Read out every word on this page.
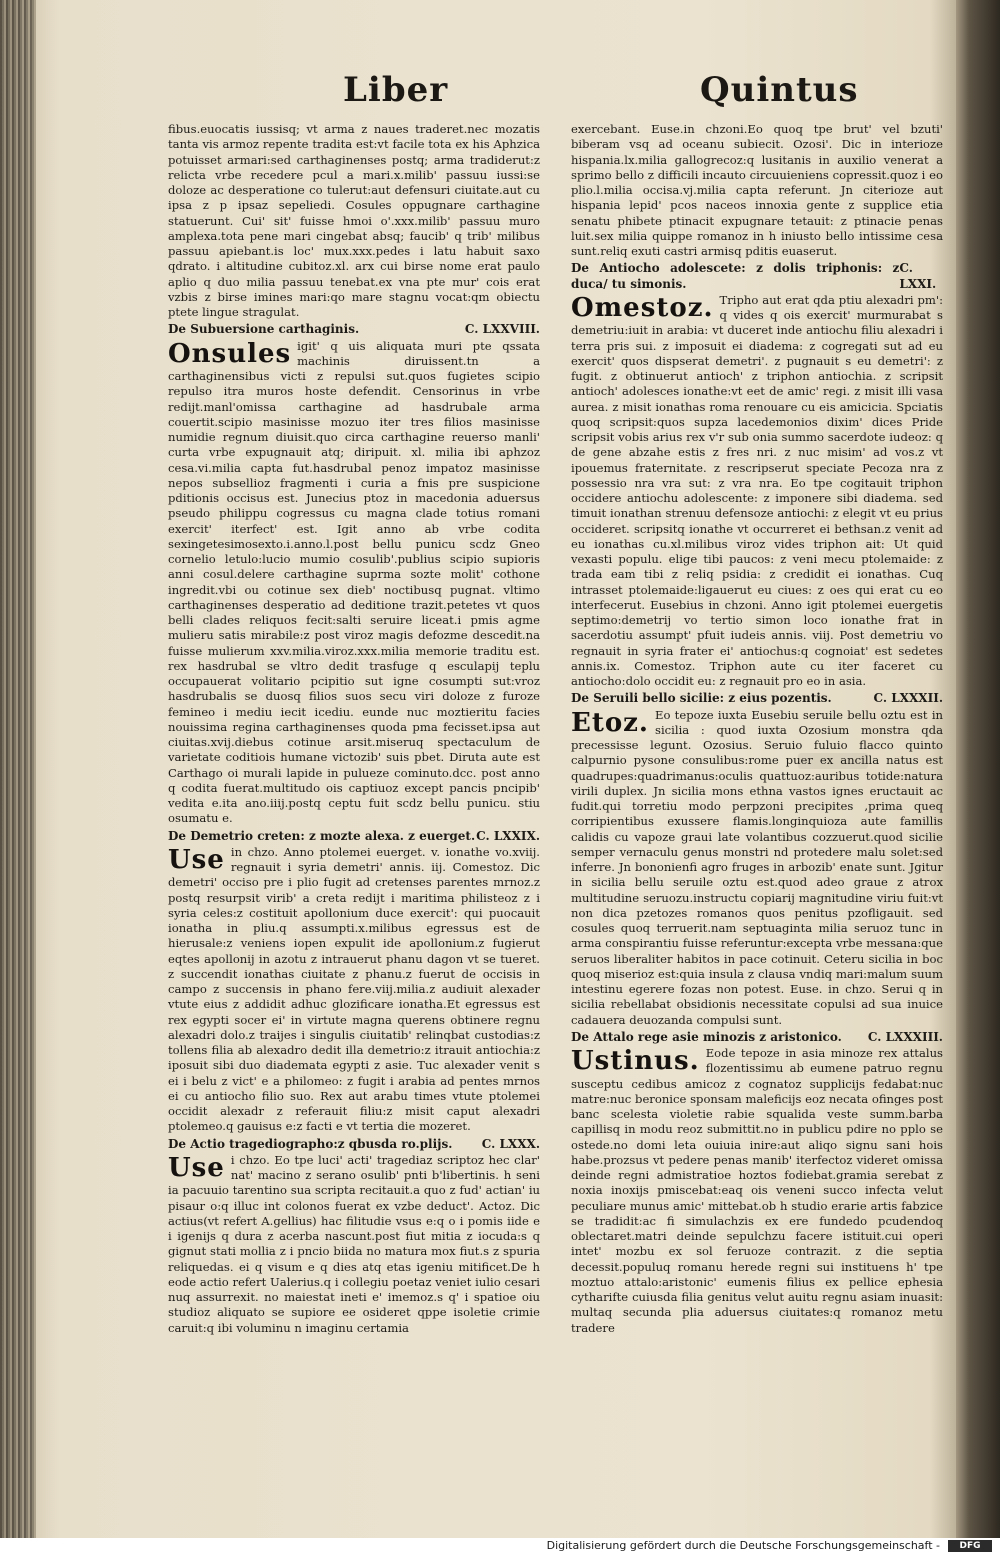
Liber	Quintus

fibus.euocatis iussisq; vt arma z naues traderet.nec mozatis tanta vis armoz repente tradita est:vt facile tota ex his Aphzica potuisset armari:sed carthaginenses postq; arma tradiderut:z relicta vrbe recedere pcul a mari.x.milib' passuu iussi:se doloze ac desperatione co tulerut:aut defensuri ciuitate.aut cu ipsa z p ipsaz sepeliedi. Cosules oppugnare carthagine statuerunt. Cui' sit' fuisse hmoi o'.xxx.milib' passuu muro amplexa.tota pene mari cingebat absq; faucib' q trib' milibus passuu apiebant.is loc' mux.xxx.pedes i latu habuit saxo qdrato. i altitudine cubitoz.xl. arx cui birse nome erat paulo aplio q duo milia passuu tenebat.ex vna pte mur' cois erat vzbis z birse imines mari:qo mare stagnu vocat:qm obiectu ptete lingue stragulat.

De Subuersione carthaginis.	C. LXXVIII.

Onsules igit' q uis aliquata muri pte qssata machinis diruissent.tn a carthaginensibus victi z repulsi sut.quos fugietes scipio repulso itra muros hoste defendit. Censorinus in vrbe redijt.manl'omissa carthagine ad hasdrubale arma couertit.scipio masinisse mozuo iter tres filios masinisse numidie regnum diuisit.quo circa carthagine reuerso manli' curta vrbe expugnauit atq; diripuit. xl. milia ibi aphzoz cesa.vi.milia capta fut.hasdrubal penoz impatoz masinisse nepos subsellioz fragmenti i curia a fnis pre suspicione pditionis occisus est. Junecius ptoz in macedonia aduersus pseudo philippu cogressus cu magna clade totius romani exercit' iterfect' est. Igit anno ab vrbe codita sexingetesimosexto.i.anno.l.post bellu punicu scdz Gneo cornelio letulo:lucio mumio cosulib'.publius scipio supioris anni cosul.delere carthagine suprma sozte molit' cothone ingredit.vbi ou cotinue sex dieb' noctibusq pugnat. vltimo carthaginenses desperatio ad deditione trazit.petetes vt quos belli clades reliquos fecit:salti seruire liceat.i pmis agme mulieru satis mirabile:z post viroz magis defozme descedit.na fuisse mulierum xxv.milia.viroz.xxx.milia memorie traditu est. rex hasdrubal se vltro dedit trasfuge q esculapij teplu occupauerat volitario pcipitio sut igne cosumpti sut:vroz hasdrubalis se duosq filios suos secu viri doloze z furoze femineo i mediu iecit icediu. eunde nuc moztieritu facies nouissima regina carthaginenses quoda pma fecisset.ipsa aut ciuitas.xvij.diebus cotinue arsit.miseruq spectaculum de varietate coditiois humane victozib' suis pbet. Diruta aute est Carthago oi murali lapide in pulueze cominuto.dcc. post anno q codita fuerat.multitudo ois captiuoz except pancis pncipib' vedita e.ita ano.iiij.postq ceptu fuit scdz bellu punicu. stiu osumatu e.

De Demetrio creten: z mozte alexa. z euerget. C. LXXIX.

Use in chzo. Anno ptolemei euerget. v. ionathe vo.xviij. regnauit i syria demetri' annis. iij. Comestoz. Dic demetri' occiso pre i plio fugit ad cretenses parentes mrnoz.z postq resurpsit virib' a creta redijt i maritima philisteoz z i syria celes:z costituit apollonium duce exercit': qui puocauit ionatha in pliu.q assumpti.x.milibus egressus est de hierusale:z veniens iopen expulit ide apollonium.z fugierut eqtes apollonij in azotu z intrauerut phanu dagon vt se tueret. z succendit ionathas ciuitate z phanu.z fuerut de occisis in campo z succensis in phano fere.viij.milia.z audiuit alexader vtute eius z addidit adhuc glozificare ionatha.Et egressus est rex egypti socer ei' in virtute magna querens obtinere regnu alexadri dolo.z traijes i singulis ciuitatib' relinqbat custodias:z tollens filia ab alexadro dedit illa demetrio:z itrauit antiochia:z iposuit sibi duo diademata egypti z asie. Tuc alexader venit s ei i belu z vict' e a philomeo: z fugit i arabia ad pentes mrnos ei cu antiocho filio suo. Rex aut arabu times vtute ptolemei occidit alexadr z referauit filiu:z misit caput alexadri ptolemeo.q gauisus e:z facti e vt tertia die mozeret.

De Actio tragediographo:z qbusda ro.plijs. C. LXXX.

Use i chzo. Eo tpe luci' acti' tragediaz scriptoz hec clar' nat' macino z serano osulib' pnti b'libertinis. h seni ia pacuuio tarentino sua scripta recitauit.a quo z fud' actian' iu pisaur o:q illuc int colonos fuerat ex vzbe deduct'. Actoz. Dic actius(vt refert A.gellius) hac filitudie vsus e:q o i pomis iide e i igenijs q dura z acerba nascunt.post fiut mitia z iocuda:s q gignut stati mollia z i pncio biida no matura mox fiut.s z spuria reliquedas. ei q visum e q dies atq etas igeniu mitificet.De h eode actio refert Ualerius.q i collegiu poetaz veniet iulio cesari nuq assurrexit. no maiestat ineti e' imemoz.s q' i spatioe oiu studioz aliquato se supiore ee osideret qppe isoletie crimie caruit:q ibi voluminu n imaginu certamia

exercebant. Euse.in chzoni.Eo quoq tpe brut' vel bzuti' biberam vsq ad oceanu subiecit. Ozosi'. Dic in interioze hispania.lx.milia gallogrecoz:q lusitanis in auxilio venerat a sprimo bello z difficili incauto circuuieniens copressit.quoz i eo plio.l.milia occisa.vj.milia capta referunt. Jn citerioze aut hispania lepid' pcos naceos innoxia gente z supplice etia senatu phibete ptinacit expugnare tetauit: z ptinacie penas luit.sex milia quippe romanoz in h iniusto bello intissime cesa sunt.reliq exuti castri armisq pditis euaserut.

De Antiocho adolescete: z dolis triphonis: z duca/ tu simonis.
C. LXXI.

Omestoz. Tripho aut erat qda ptiu alexadri pm': q vides q ois exercit' murmurabat s demetriu:iuit in arabia: vt duceret inde antiochu filiu alexadri i terra pris sui. z imposuit ei diadema: z cogregati sut ad eu exercit' quos dispserat demetri'. z pugnauit s eu demetri': z fugit. z obtinuerut antioch' z triphon antiochia. z scripsit antioch' adolesces ionathe:vt eet de amic' regi. z misit illi vasa aurea. z misit ionathas roma renouare cu eis amicicia. Spciatis quoq scripsit:quos supza lacedemonios dixim' dices Pride scripsit vobis arius rex v'r sub onia summo sacerdote iudeoz: q de gene abzahe estis z fres nri. z nuc misim' ad vos.z vt ipouemus fraternitate. z rescripserut speciate Pecoza nra z possessio nra vra sut: z vra nra. Eo tpe cogitauit triphon occidere antiochu adolescente: z imponere sibi diadema. sed timuit ionathan strenuu defensoze antiochi: z elegit vt eu prius occideret. scripsitq ionathe vt occurreret ei bethsan.z venit ad eu ionathas cu.xl.milibus viroz vides triphon ait: Ut quid vexasti populu. elige tibi paucos: z veni mecu ptolemaide: z trada eam tibi z reliq psidia: z credidit ei ionathas. Cuq intrasset ptolemaide:ligauerut eu ciues: z oes qui erat cu eo interfecerut. Eusebius in chzoni. Anno igit ptolemei euergetis septimo:demetrij vo tertio simon loco ionathe frat in sacerdotiu assumpt' pfuit iudeis annis. viij. Post demetriu vo regnauit in syria frater ei' antiochus:q cognoiat' est sedetes annis.ix. Comestoz. Triphon aute cu iter faceret cu antiocho:dolo occidit eu: z regnauit pro eo in asia.

De Seruili bello sicilie: z eius pozentis.	C. LXXXII.

Etoz. Eo tepoze iuxta Eusebiu seruile bellu oztu est in sicilia : quod iuxta Ozosium monstra qda precessisse legunt. Ozosius. Seruio fuluio flacco quinto calpurnio pysone consulibus:rome puer ex ancilla natus est quadrupes:quadrimanus:oculis quattuoz:auribus totide:natura virili duplex. Jn sicilia mons ethna vastos ignes eructauit ac fudit.qui torretiu modo perpzoni precipites ,prima queq corripientibus exussere flamis.longinquioza aute famillis calidis cu vapoze graui late volantibus cozzuerut.quod sicilie semper vernaculu genus monstri nd protedere malu solet:sed inferre. Jn bononienfi agro fruges in arbozib' enate sunt. Jgitur in sicilia bellu seruile oztu est.quod adeo graue z atrox multitudine seruozu.instructu copiarij magnitudine viriu fuit:vt non dica pzetozes romanos quos penitus pzofligauit. sed cosules quoq terruerit.nam septuaginta milia seruoz tunc in arma conspirantiu fuisse referuntur:excepta vrbe messana:que seruos liberaliter habitos in pace cotinuit. Ceteru sicilia in boc quoq miserioz est:quia insula z clausa vndiq mari:malum suum intestinu egerere fozas non potest. Euse. in chzo. Serui q in sicilia rebellabat obsidionis necessitate copulsi ad sua inuice cadauera deuozanda compulsi sunt.

De Attalo rege asie minozis z aristonico. C. LXXXIII.

Ustinus. Eode tepoze in asia minoze rex attalus flozentissimu ab eumene patruo regnu susceptu cedibus amicoz z cognatoz supplicijs fedabat:nuc matre:nuc beronice sponsam maleficijs eoz necata ofinges post banc scelesta violetie rabie squalida veste summ.barba capillisq in modu reoz submittit.no in publicu pdire no pplo se ostede.no domi leta ouiuia inire:aut aliqo signu sani hois habe.prozsus vt pedere penas manib' iterfectoz videret omissa deinde regni admistratioe hoztos fodiebat.gramia serebat z noxia inoxijs pmiscebat:eaq ois veneni succo infecta velut peculiare munus amic' mittebat.ob h studio erarie artis fabzice se tradidit:ac fi simulachzis ex ere fundedo pcudendoq oblectaret.matri deinde sepulchzu facere istituit.cui operi intet' mozbu ex sol feruoze contrazit. z die septia decessit.populuq romanu herede regni sui instituens h' tpe moztuo attalo:aristonic' eumenis filius ex pellice ephesia cytharifte cuiusda filia genitus velut auitu regnu asiam inuasit: multaq secunda plia aduersus ciuitates:q romanoz metu tradere

Digitalisierung gefördert durch die Deutsche Forschungsgemeinschaft -	DFG
